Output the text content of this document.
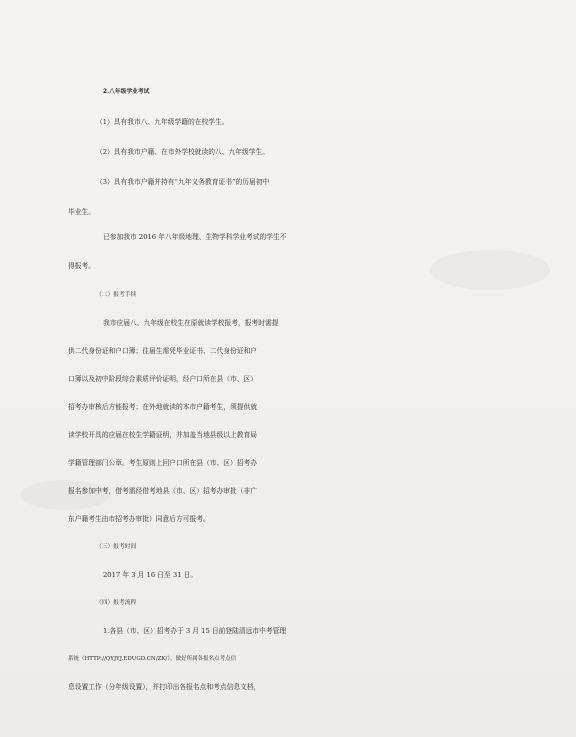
2.八年级学业考试
（1）具有我市八、九年级学籍的在校学生。
（2）具有我市户籍、在市外学校就读的八、九年级学生。
（3）具有我市户籍并持有“九年义务教育证书”的历届初中
毕业生。
已参加我市 2016 年八年级地理、生物学科学业考试的学生不
得报考。
（二）报考手续
我市应届八、九年级在校生在原就读学校报考，报考时需提
供二代身份证和户口簿；往届生需凭毕业证书、二代身份证和户
口簿以及初中阶段综合素质评价证明，经户口所在县（市、区）
招考办审核后方能报考；在外地就读的本市户籍考生，须提供就
读学校开具的应届在校生学籍证明，并加盖当地县级以上教育局
学籍管理部门公章。考生原则上回户口所在县（市、区）招考办
报名参加中考，借考需经借考地县（市、区）招考办审批（非广
东户籍考生由市招考办审批）同意后方可报考。
（三）报考时间
2017 年 3 月 16 日至 31 日。
（四）报考流程
1.各县（市、区）招考办于 3 月 15 日前登陆清远市中考管理
系统（HTTP://QYJYJ.EDUGD.CN/ZK/），做好所属各报名点考点信
息设置工作（分年级设置），并打印出各报名点和考点信息文档，
